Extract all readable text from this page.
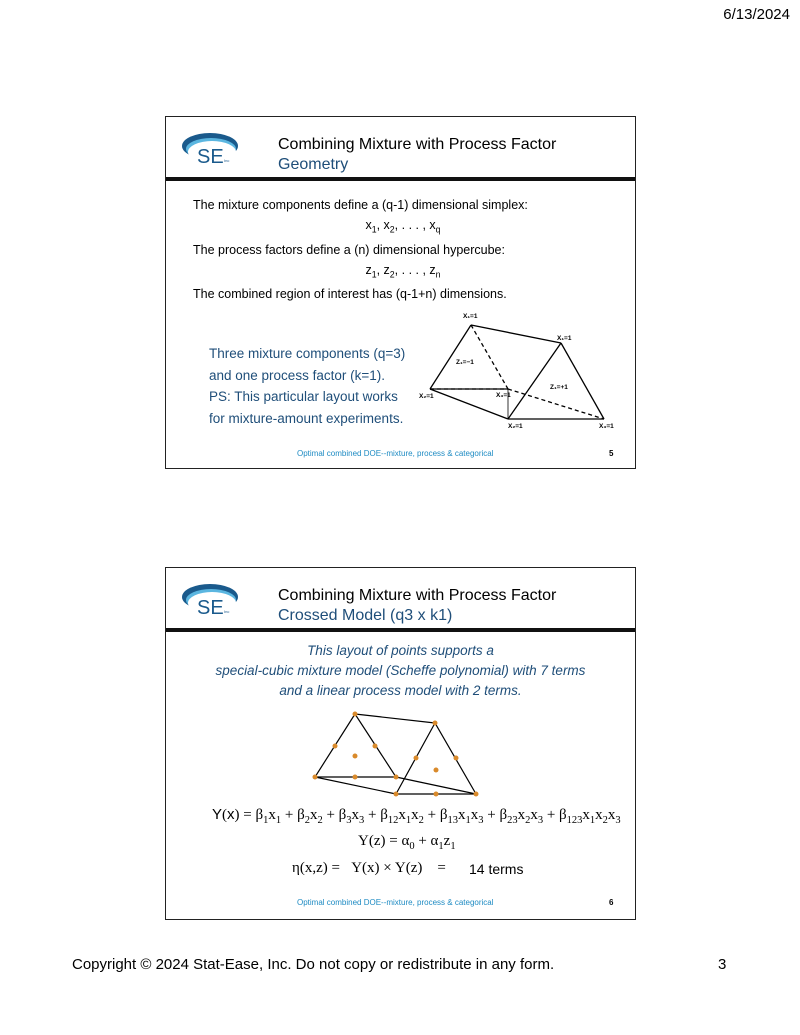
6/13/2024
SE Inc
Combining Mixture with Process Factor
Geometry
The mixture components define a (q-1) dimensional simplex:
$x_1$, $x_2$, . . . , $x_q$
The process factors define a (n) dimensional hypercube:
$z_1$, $z_2$, . . . , $z_n$
The combined region of interest has (q-1+n) dimensions.
Three mixture components (q=3)
and one process factor (k=1).
PS: This particular layout works
for mixture-amount experiments.
X₁=1
X₁=1
Z₁=−1
Z₁=+1
X₂=1	X₃=1
X₂=1	X₃=1
Optimal combined DOE--mixture, process & categorical	5
SE Inc
Combining Mixture with Process Factor
Crossed Model (q3 x k1)
This layout of points supports a
special-cubic mixture model (Scheffe polynomial) with 7 terms
and a linear process model with 2 terms.
$Y(x) = \beta_1x_1 + \beta_2x_2 + \beta_3x_3 + \beta_{12}x_1x_2 + \beta_{13}x_1x_3 + \beta_{23}x_2x_3 + \beta_{123}x_1x_2x_3$
$Y(z) = \alpha_0 + \alpha_1z_1$
η(x,z) =   Y(x) × Y(z)    = 14 terms
Optimal combined DOE--mixture, process & categorical	6
Copyright © 2024 Stat-Ease, Inc. Do not copy or redistribute in any form.	3
